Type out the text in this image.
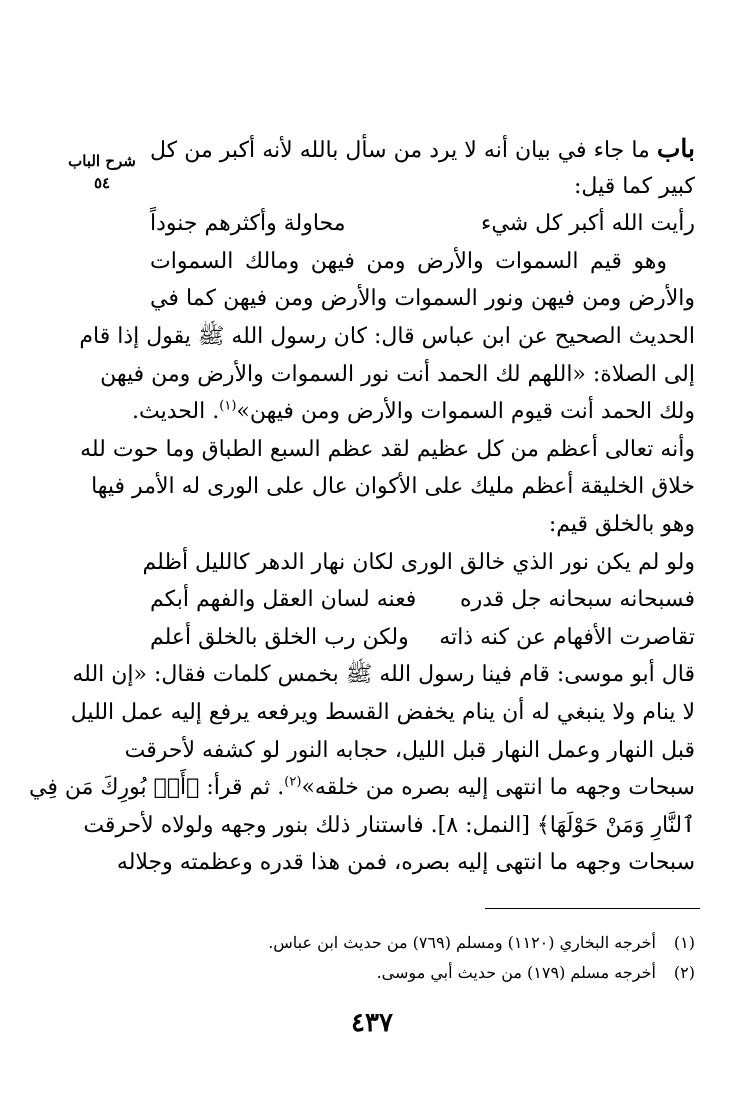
شرح الباب
٥٤
باب ما جاء في بيان أنه لا يرد من سأل بالله لأنه أكبر من كل
كبير كما قيل:
رأيت الله أكبر كل شيء
محاولة وأكثرهم جنوداً
وهو قيم السموات والأرض ومن فيهن ومالك السموات
والأرض ومن فيهن ونور السموات والأرض ومن فيهن كما في
الحديث الصحيح عن ابن عباس قال: كان رسول الله ﷺ يقول إذا قام
إلى الصلاة: «اللهم لك الحمد أنت نور السموات والأرض ومن فيهن
ولك الحمد أنت قيوم السموات والأرض ومن فيهن»$^{(١)}$. الحديث.
وأنه تعالى أعظم من كل عظيم لقد عظم السبع الطباق وما حوت لله
خلاق الخليقة أعظم مليك على الأكوان عال على الورى له الأمر فيها
وهو بالخلق قيم:
ولو لم يكن نور الذي خالق الورى لكان نهار الدهر كالليل أظلم
فسبحانه سبحانه جل قدره
فعنه لسان العقل والفهم أبكم
تقاصرت الأفهام عن كنه ذاته
ولكن رب الخلق بالخلق أعلم
قال أبو موسى: قام فينا رسول الله ﷺ بخمس كلمات فقال: «إن الله
لا ينام ولا ينبغي له أن ينام يخفض القسط ويرفعه يرفع إليه عمل الليل
قبل النهار وعمل النهار قبل الليل، حجابه النور لو كشفه لأحرقت
سبحات وجهه ما انتهى إليه بصره من خلقه»$^{(٢)}$. ثم قرأ: ﴿أَنۢ بُورِكَ مَن فِي
ٱلنَّارِ وَمَنْ حَوْلَهَا﴾ [النمل: ٨]. فاستنار ذلك بنور وجهه ولولاه لأحرقت
سبحات وجهه ما انتهى إليه بصره، فمن هذا قدره وعظمته وجلاله
(١) أخرجه البخاري (١١٢٠) ومسلم (٧٦٩) من حديث ابن عباس.
(٢) أخرجه مسلم (١٧٩) من حديث أبي موسى.
٤٣٧
